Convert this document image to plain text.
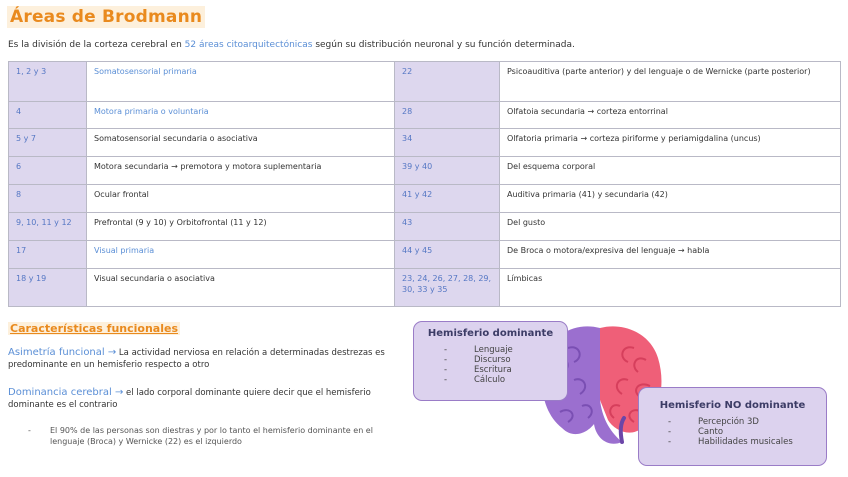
Áreas de Brodmann
Es la división de la corteza cerebral en 52 áreas citoarquitectónicas según su distribución neuronal y su función determinada.
1, 2 y 3	Somatosensorial primaria	22	Psicoauditiva (parte anterior) y del lenguaje o de Wernicke (parte posterior)
4	Motora primaria o voluntaria	28	Olfatoia secundaria → corteza entorrinal
5 y 7	Somatosensorial secundaria o asociativa	34	Olfatoria primaria → corteza piriforme y periamigdalina (uncus)
6	Motora secundaria → premotora y motora suplementaria	39 y 40	Del esquema corporal
8	Ocular frontal	41 y 42	Auditiva primaria (41) y secundaria (42)
9, 10, 11 y 12	Prefrontal (9 y 10) y Orbitofrontal (11 y 12)	43	Del gusto
17	Visual primaria	44 y 45	De Broca o motora/expresiva del lenguaje → habla
18 y 19	Visual secundaria o asociativa	23, 24, 26, 27, 28, 29, 30, 33 y 35	Límbicas
Características funcionales
Asimetría funcional → La actividad nerviosa en relación a determinadas destrezas es predominante en un hemisferio respecto a otro
Dominancia cerebral → el lado corporal dominante quiere decir que el hemisferio dominante es el contrario
- El 90% de las personas son diestras y por lo tanto el hemisferio dominante en el lenguaje (Broca) y Wernicke (22) es el izquierdo
Hemisferio dominante
- Lenguaje
- Discurso
- Escritura
- Cálculo
Hemisferio NO dominante
- Percepción 3D
- Canto
- Habilidades musicales
